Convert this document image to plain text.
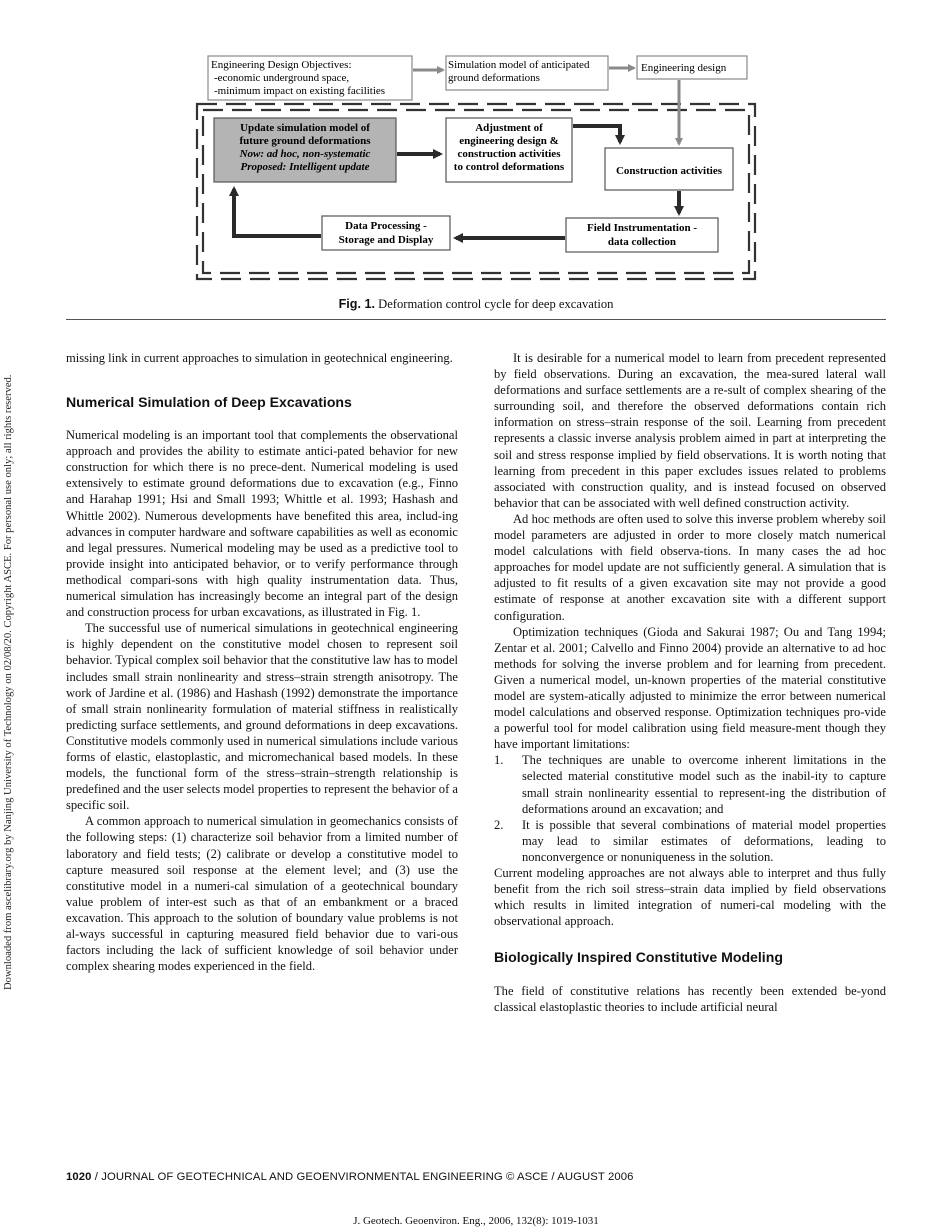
Downloaded from ascelibrary.org by Nanjing University of Technology on 02/08/20. Copyright ASCE. For personal use only; all rights reserved.
Engineering Design Objectives:
-economic underground space,
-minimum impact on existing facilities
Simulation model of anticipated
ground deformations
Engineering design
Update simulation model of
future ground deformations
Now: ad hoc, non-systematic
Proposed: Intelligent update
Adjustment of
engineering design &
construction activities
to control deformations	Construction activities
Field Instrumentation -
data collection
Data Processing -
Storage and Display
Fig. 1. Deformation control cycle for deep excavation

missing link in current approaches to simulation in geotechnical engineering.

Numerical Simulation of Deep Excavations

Numerical modeling is an important tool that complements the observational approach and provides the ability to estimate antici-pated behavior for new construction for which there is no prece-dent. Numerical modeling is used extensively to estimate ground deformations due to excavation (e.g., Finno and Harahap 1991; Hsi and Small 1993; Whittle et al. 1993; Hashash and Whittle 2002). Numerous developments have benefited this area, includ-ing advances in computer hardware and software capabilities as well as economic and legal pressures. Numerical modeling may be used as a predictive tool to provide insight into anticipated behavior, or to verify performance through methodical compari-sons with high quality instrumentation data. Thus, numerical simulation has increasingly become an integral part of the design and construction process for urban excavations, as illustrated in Fig. 1.

The successful use of numerical simulations in geotechnical engineering is highly dependent on the constitutive model chosen to represent soil behavior. Typical complex soil behavior that the constitutive law has to model includes small strain nonlinearity and stress–strain strength anisotropy. The work of Jardine et al. (1986) and Hashash (1992) demonstrate the importance of small strain nonlinearity formulation of material stiffness in realistically predicting surface settlements, and ground deformations in deep excavations. Constitutive models commonly used in numerical simulations include various forms of elastic, elastoplastic, and micromechanical based models. In these models, the functional form of the stress–strain–strength relationship is predefined and the user selects model properties to represent the behavior of a specific soil.

A common approach to numerical simulation in geomechanics consists of the following steps: (1) characterize soil behavior from a limited number of laboratory and field tests; (2) calibrate or develop a constitutive model to capture measured soil response at the element level; and (3) use the constitutive model in a numeri-cal simulation of a geotechnical boundary value problem of inter-est such as that of an embankment or a braced excavation. This approach to the solution of boundary value problems is not al-ways successful in capturing measured field behavior due to vari-ous factors including the lack of sufficient knowledge of soil behavior under complex shearing modes experienced in the field.

It is desirable for a numerical model to learn from precedent represented by field observations. During an excavation, the mea-sured lateral wall deformations and surface settlements are a re-sult of complex shearing of the surrounding soil, and therefore the observed deformations contain rich information on stress–strain response of the soil. Learning from precedent represents a classic inverse analysis problem aimed in part at interpreting the soil and stress response implied by field observations. It is worth noting that learning from precedent in this paper excludes issues related to problems associated with construction quality, and is instead focused on observed behavior that can be associated with well defined construction activity.

Ad hoc methods are often used to solve this inverse problem whereby soil model parameters are adjusted in order to more closely match numerical model calculations with field observa-tions. In many cases the ad hoc approaches for model update are not sufficiently general. A simulation that is adjusted to fit results of a given excavation site may not provide a good estimate of response at another excavation site with a different support configuration.

Optimization techniques (Gioda and Sakurai 1987; Ou and Tang 1994; Zentar et al. 2001; Calvello and Finno 2004) provide an alternative to ad hoc methods for solving the inverse problem and for learning from precedent. Given a numerical model, un-known properties of the material constitutive model are system-atically adjusted to minimize the error between numerical model calculations and observed response. Optimization techniques pro-vide a powerful tool for model calibration using field measure-ment though they have important limitations:

1. The techniques are unable to overcome inherent limitations in the selected material constitutive model such as the inabil-ity to capture small strain nonlinearity essential to represent-ing the distribution of deformations around an excavation; and
2. It is possible that several combinations of material model properties may lead to similar estimates of deformations, leading to nonconvergence or nonuniqueness in the solution.

Current modeling approaches are not always able to interpret and thus fully benefit from the rich soil stress–strain data implied by field observations which results in limited integration of numeri-cal modeling with the observational approach.

Biologically Inspired Constitutive Modeling

The field of constitutive relations has recently been extended be-yond classical elastoplastic theories to include artificial neural

1020 / JOURNAL OF GEOTECHNICAL AND GEOENVIRONMENTAL ENGINEERING © ASCE / AUGUST 2006
J. Geotech. Geoenviron. Eng., 2006, 132(8): 1019-1031
